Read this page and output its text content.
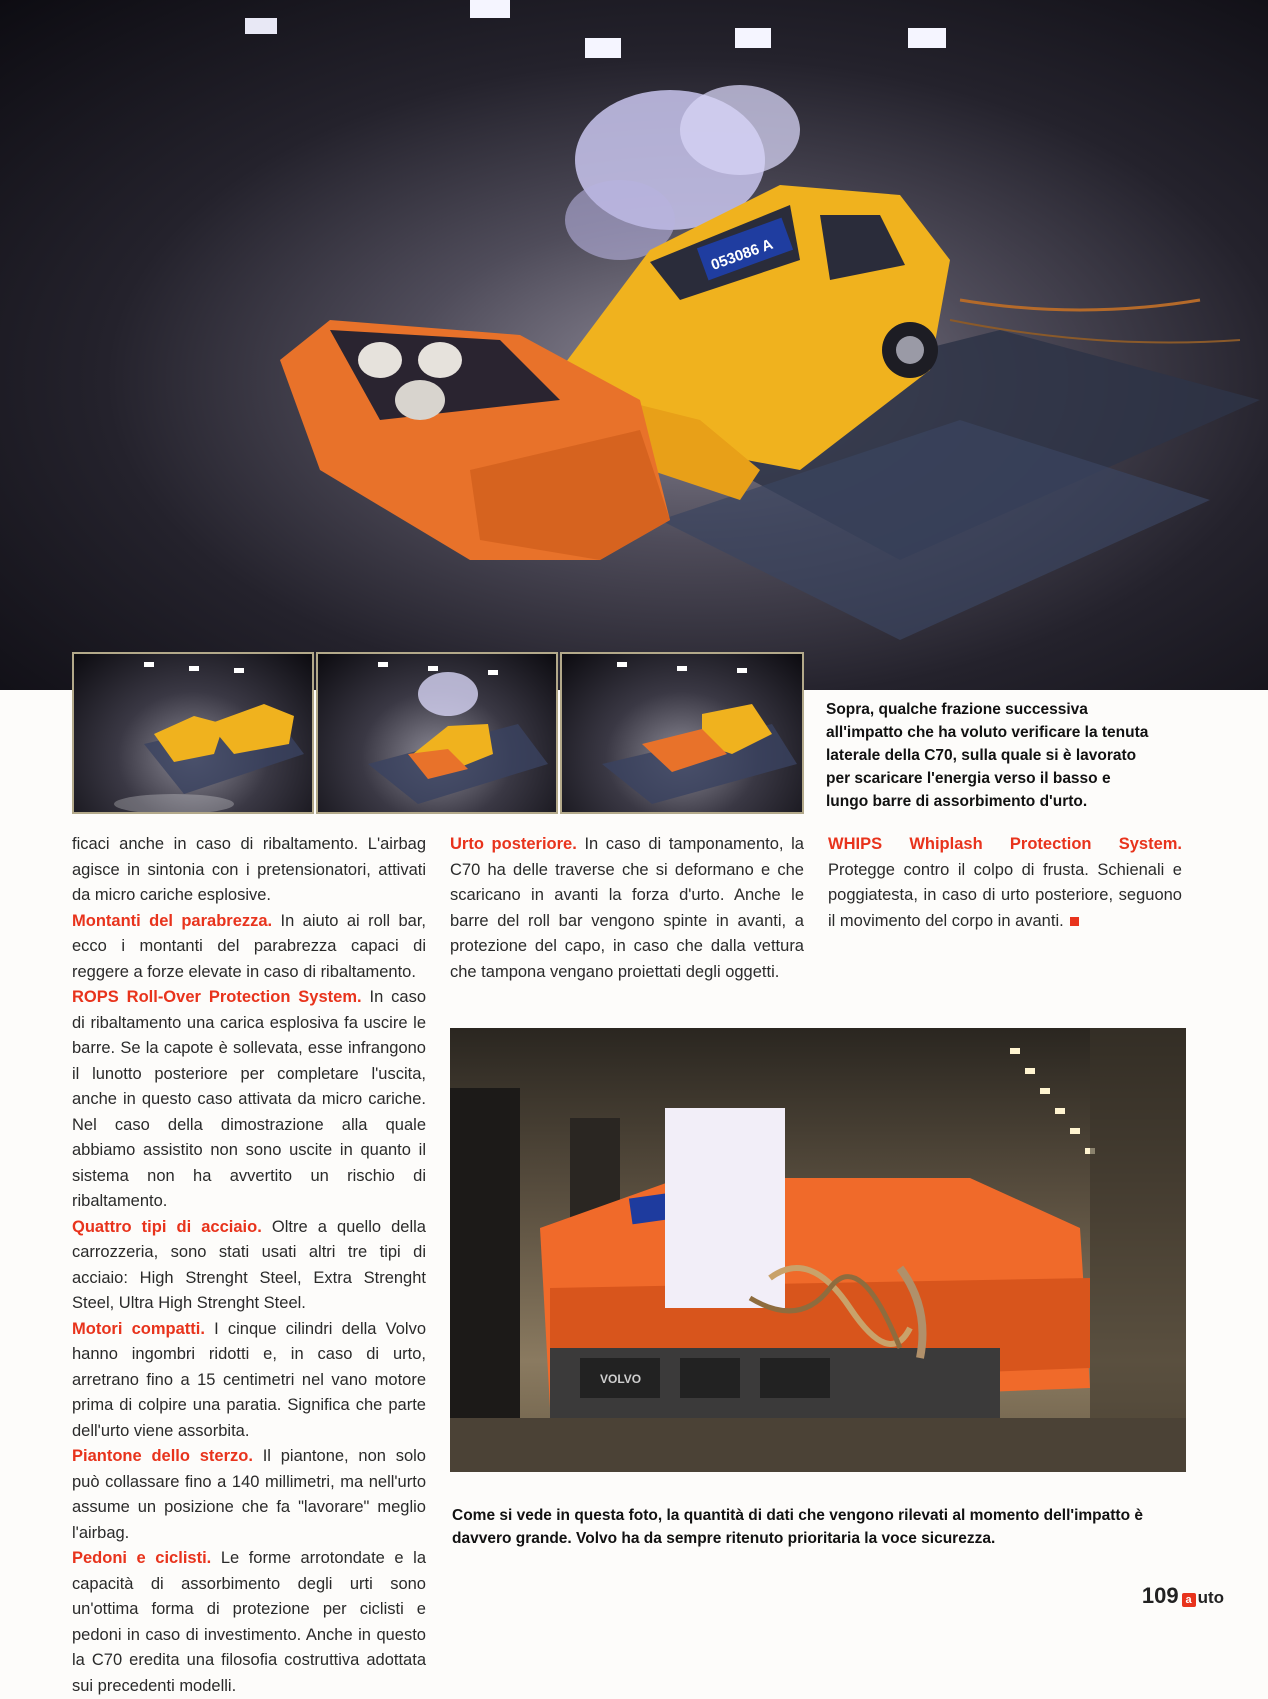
053086 A
Sopra, qualche frazione successiva all'impatto che ha voluto verificare la tenuta laterale della C70, sulla quale si è lavorato per scaricare l'energia verso il basso e lungo barre di assorbimento d'urto.

ficaci anche in caso di ribaltamento. L'airbag agisce in sintonia con i pretensionatori, attivati da micro cariche esplosive.

Montanti del parabrezza. In aiuto ai roll bar, ecco i montanti del parabrezza capaci di reggere a forze elevate in caso di ribaltamento.

ROPS Roll-Over Protection System. In caso di ribaltamento una carica esplosiva fa uscire le barre. Se la capote è sollevata, esse infrangono il lunotto posteriore per completare l'uscita, anche in questo caso attivata da micro cariche. Nel caso della dimostrazione alla quale abbiamo assistito non sono uscite in quanto il sistema non ha avvertito un rischio di ribaltamento.

Quattro tipi di acciaio. Oltre a quello della carrozzeria, sono stati usati altri tre tipi di acciaio: High Strenght Steel, Extra Strenght Steel, Ultra High Strenght Steel.

Motori compatti. I cinque cilindri della Volvo hanno ingombri ridotti e, in caso di urto, arretrano fino a 15 centimetri nel vano motore prima di colpire una paratia. Significa che parte dell'urto viene assorbita.

Piantone dello sterzo. Il piantone, non solo può collassare fino a 140 millimetri, ma nell'urto assume un posizione che fa "lavorare" meglio l'airbag.

Pedoni e ciclisti. Le forme arrotondate e la capacità di assorbimento degli urti sono un'ottima forma di protezione per ciclisti e pedoni in caso di investimento. Anche in questo la C70 eredita una filosofia costruttiva adottata sui precedenti modelli.

Urto posteriore. In caso di tamponamento, la C70 ha delle traverse che si deformano e che scaricano in avanti la forza d'urto. Anche le barre del roll bar vengono spinte in avanti, a protezione del capo, in caso che dalla vettura che tampona vengano proiettati degli oggetti.

WHIPS Whiplash Protection System. Protegge contro il colpo di frusta. Schienali e poggiatesta, in caso di urto posteriore, seguono il movimento del corpo in avanti.

VOLVO
Come si vede in questa foto, la quantità di dati che vengono rilevati al momento dell'impatto è davvero grande. Volvo ha da sempre ritenuto prioritaria la voce sicurezza.
109 a uto
